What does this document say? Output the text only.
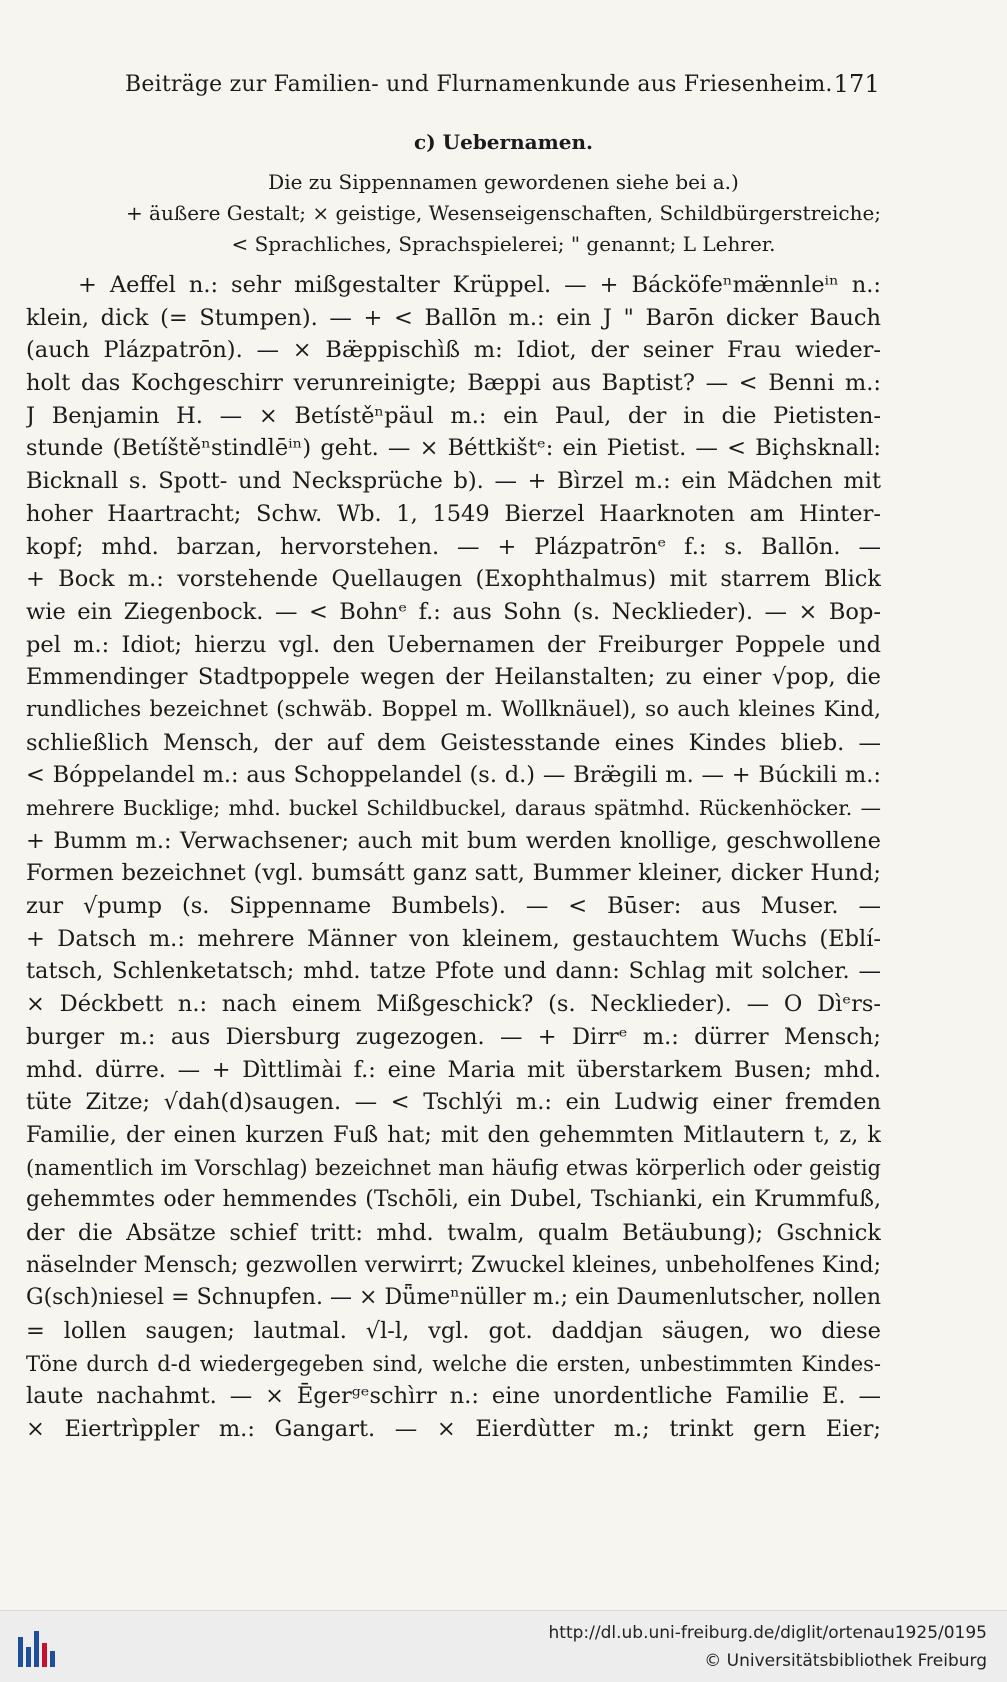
Beiträge zur Familien- und Flurnamenkunde aus Friesenheim. 171
c) Uebernamen.
Die zu Sippennamen gewordenen siehe bei a.)
+ äußere Gestalt; × geistige, Wesenseigenschaften, Schildbürgerstreiche;
< Sprachliches, Sprachspielerei; " genannt; L Lehrer.
+ Aeffel n.: sehr mißgestalter Krüppel. — + Bácköfeⁿmæ̈nnleⁱⁿ n.:
klein, dick (= Stumpen). — + < Ballōn m.: ein J " Barōn dicker Bauch
(auch Plázpatrōn). — × Bæ̈ppischìß m: Idiot, der seiner Frau wieder-
holt das Kochgeschirr verunreinigte; Bæppi aus Baptist? — < Benni m.:
J Benjamin H. — × Betístěⁿpäul m.: ein Paul, der in die Pietisten-
stunde (Betíštěⁿstindlēⁱⁿ) geht. — × Béttkištᵉ: ein Pietist. — < Biçhsknall:
Bicknall s. Spott- und Necksprüche b). — + Bìrzel m.: ein Mädchen mit
hoher Haartracht; Schw. Wb. 1, 1549 Bierzel Haarknoten am Hinter-
kopf; mhd. barzan, hervorstehen. — + Plázpatrōnᵉ f.: s. Ballōn. —
+ Bock m.: vorstehende Quellaugen (Exophthalmus) mit starrem Blick
wie ein Ziegenbock. — < Bohnᵉ f.: aus Sohn (s. Necklieder). — × Bop-
pel m.: Idiot; hierzu vgl. den Uebernamen der Freiburger Poppele und
Emmendinger Stadtpoppele wegen der Heilanstalten; zu einer √pop, die
rundliches bezeichnet (schwäb. Boppel m. Wollknäuel), so auch kleines Kind,
schließlich Mensch, der auf dem Geistesstande eines Kindes blieb. —
< Bóppelandel m.: aus Schoppelandel (s. d.) — Bræ̈gili m. — + Búckili m.:
mehrere Bucklige; mhd. buckel Schildbuckel, daraus spätmhd. Rückenhöcker. —
+ Bumm m.: Verwachsener; auch mit bum werden knollige, geschwollene
Formen bezeichnet (vgl. bumsátt ganz satt, Bummer kleiner, dicker Hund;
zur √pump (s. Sippenname Bumbels). — < Būser: aus Muser. —
+ Datsch m.: mehrere Männer von kleinem, gestauchtem Wuchs (Eblí-
tatsch, Schlenketatsch; mhd. tatze Pfote und dann: Schlag mit solcher. —
× Déckbett n.: nach einem Mißgeschick? (s. Necklieder). — O Dìᵉrs-
burger m.: aus Diersburg zugezogen. — + Dirrᵉ m.: dürrer Mensch;
mhd. dürre. — + Dìttlimài f.: eine Maria mit überstarkem Busen; mhd.
tüte Zitze; √dah(d)saugen. — < Tschlýi m.: ein Ludwig einer fremden
Familie, der einen kurzen Fuß hat; mit den gehemmten Mitlautern t, z, k
(namentlich im Vorschlag) bezeichnet man häufig etwas körperlich oder geistig
gehemmtes oder hemmendes (Tschōli, ein Dubel, Tschianki, ein Krummfuß,
der die Absätze schief tritt: mhd. twalm, qualm Betäubung); Gschnick
näselnder Mensch; gezwollen verwirrt; Zwuckel kleines, unbeholfenes Kind;
G(sch)niesel = Schnupfen. — × Dǖmeⁿnüller m.; ein Daumenlutscher, nollen
= lollen saugen; lautmal. √l-l, vgl. got. daddjan säugen, wo diese
Töne durch d-d wiedergegeben sind, welche die ersten, unbestimmten Kindes-
laute nachahmt. — × Ēgerᵍᵉschìrr n.: eine unordentliche Familie E. —
× Eiertrìppler m.: Gangart. — × Eierdùtter m.; trinkt gern Eier;
http://dl.ub.uni-freiburg.de/diglit/ortenau1925/0195
© Universitätsbibliothek Freiburg
